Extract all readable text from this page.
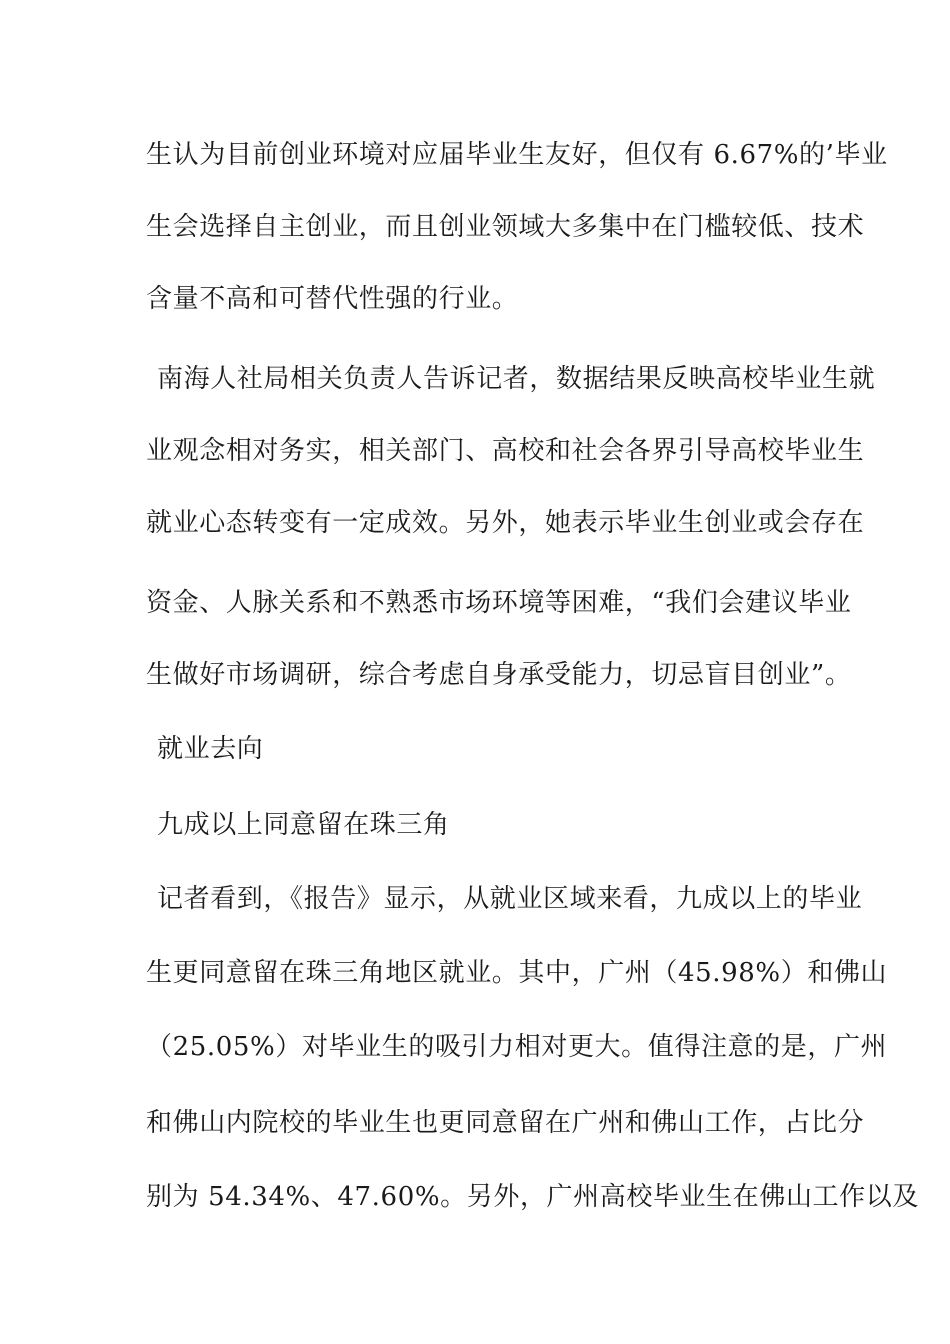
生认为目前创业环境对应届毕业生友好，但仅有 6.67%的’毕业
生会选择自主创业，而且创业领域大多集中在门槛较低、技术
含量不高和可替代性强的行业。
南海人社局相关负责人告诉记者，数据结果反映高校毕业生就
业观念相对务实，相关部门、高校和社会各界引导高校毕业生
就业心态转变有一定成效。另外，她表示毕业生创业或会存在
资金、人脉关系和不熟悉市场环境等困难，“我们会建议毕业
生做好市场调研，综合考虑自身承受能力，切忌盲目创业”。
就业去向
九成以上同意留在珠三角
记者看到，《报告》显示，从就业区域来看，九成以上的毕业
生更同意留在珠三角地区就业。其中，广州（45.98%）和佛山
（25.05%）对毕业生的吸引力相对更大。值得注意的是，广州
和佛山内院校的毕业生也更同意留在广州和佛山工作，占比分
别为 54.34%、47.60%。另外，广州高校毕业生在佛山工作以及
